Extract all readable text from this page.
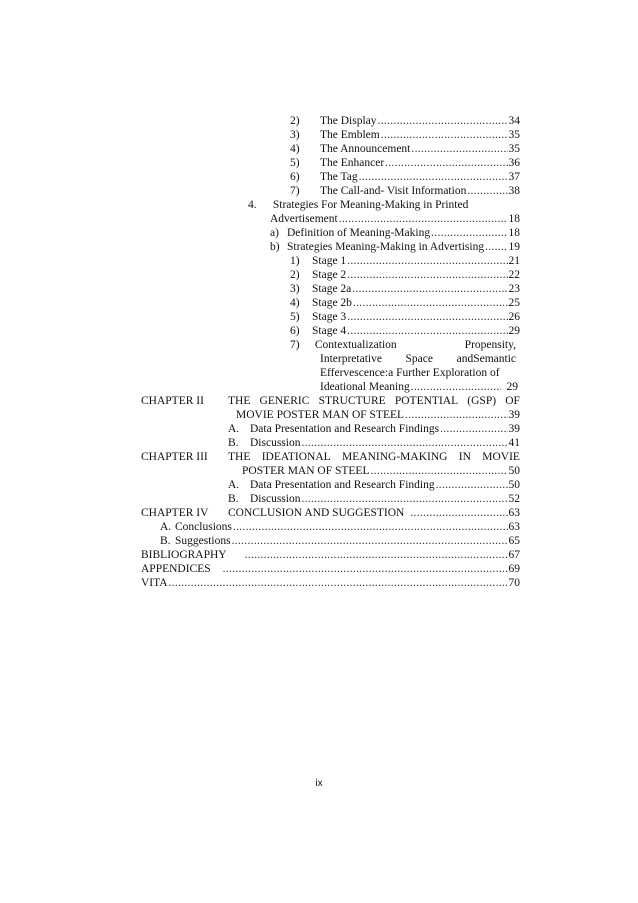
2)	The Display .....	34
3)	The Emblem .....	35
4)	The Announcement .....	35
5)	The Enhancer .....	36
6)	The Tag .....	37
7)	The Call-and- Visit Information .....	38
4. Strategies For Meaning-Making in Printed
Advertisement .....	18
a) Definition of Meaning-Making .....	18
b) Strategies Meaning-Making in Advertising ..... 19
1)	Stage 1 .....	21
2)	Stage 2 .....	22
3)	Stage 2a .....	23
4)	Stage 2b .....	25
5)	Stage 3 .....	26
6)	Stage 4 .....	29
7) Contextualization	Propensity,
Interpretative Space andSemantic
Effervescence:a Further Exploration of
Ideational Meaning .....	29
CHAPTER II THE GENERIC STRUCTURE POTENTIAL (GSP) OF
MOVIE POSTER MAN OF STEEL .....	39
A. Data Presentation and Research Findings .....	39
B. Discussion .....	41
CHAPTER III THE IDEATIONAL MEANING-MAKING IN MOVIE
POSTER MAN OF STEEL .....	50
A. Data Presentation and Research Finding .....	50
B. Discussion .....	52
CHAPTER IV CONCLUSION AND SUGGESTION .....	63
A. Conclusions .....	63
B. Suggestions .....	65
BIBLIOGRAPHY .....	67
APPENDICES .....	69
VITA .....	70
ix
